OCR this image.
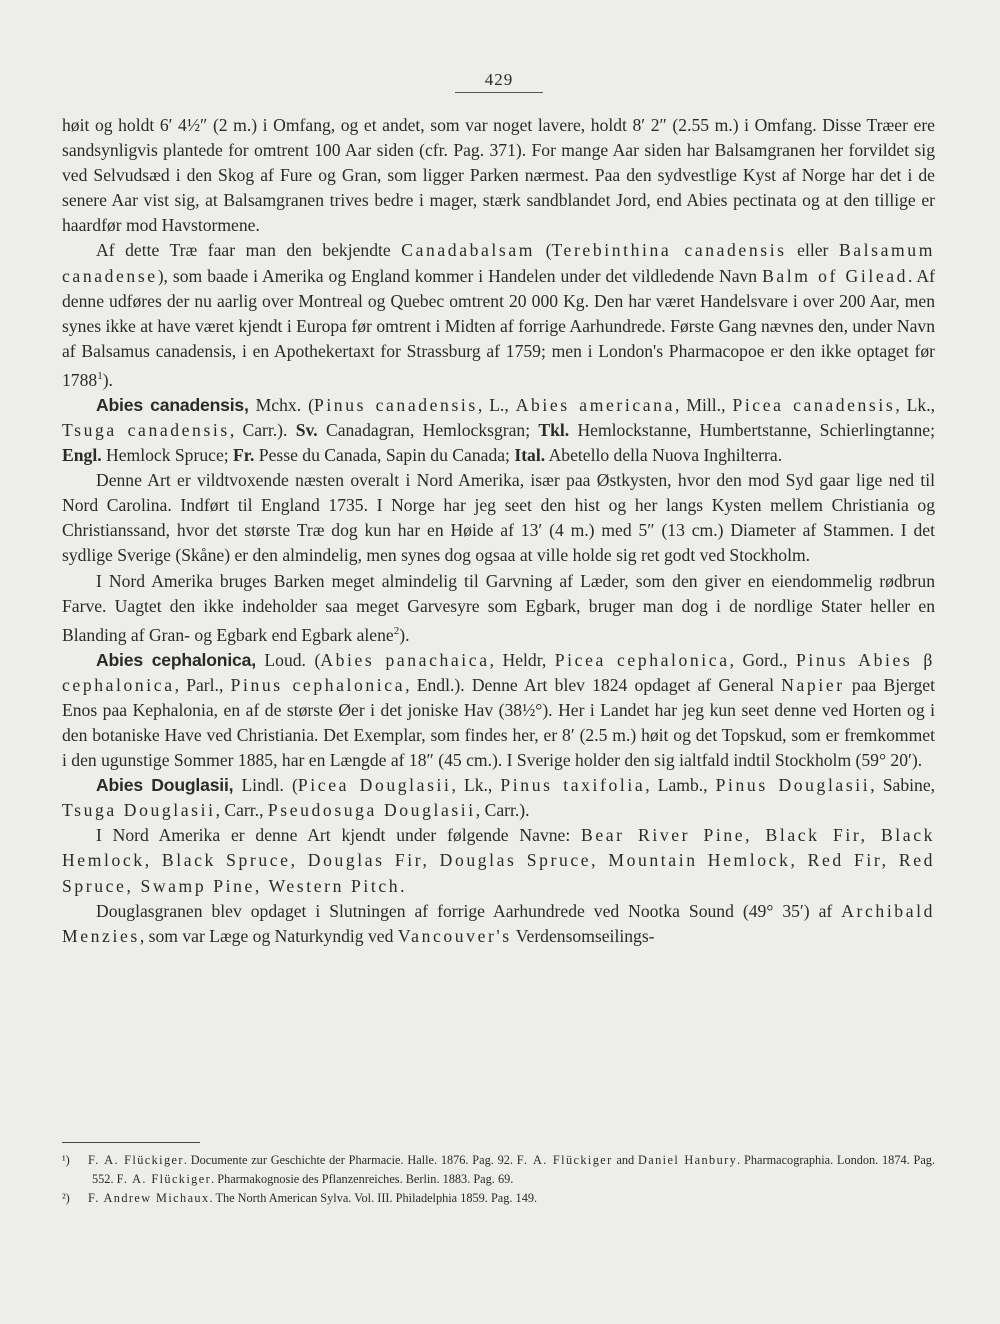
429

høit og holdt 6′ 4½″ (2 m.) i Omfang, og et andet, som var noget lavere, holdt 8′ 2″ (2.55 m.) i Omfang. Disse Træer ere sandsynligvis plantede for omtrent 100 Aar siden (cfr. Pag. 371). For mange Aar siden har Balsamgranen her forvildet sig ved Selvudsæd i den Skog af Fure og Gran, som ligger Parken nærmest. Paa den sydvestlige Kyst af Norge har det i de senere Aar vist sig, at Balsamgranen trives bedre i mager, stærk sandblandet Jord, end Abies pectinata og at den tillige er haardfør mod Havstormene.

Af dette Træ faar man den bekjendte Canadabalsam (Terebinthina canadensis eller Balsamum canadense), som baade i Amerika og England kommer i Handelen under det vildledende Navn Balm of Gilead. Af denne udføres der nu aarlig over Montreal og Quebec omtrent 20 000 Kg. Den har været Handelsvare i over 200 Aar, men synes ikke at have været kjendt i Europa før omtrent i Midten af forrige Aarhundrede. Første Gang nævnes den, under Navn af Balsamus canadensis, i en Apothekertaxt for Strassburg af 1759; men i London's Pharmacopoe er den ikke optaget før 1788$^1$).

Abies canadensis, Mchx. (Pinus canadensis, L., Abies americana, Mill., Picea canadensis, Lk., Tsuga canadensis, Carr.). Sv. Canadagran, Hemlocksgran; Tkl. Hemlockstanne, Humbertstanne, Schierlingtanne; Engl. Hemlock Spruce; Fr. Pesse du Canada, Sapin du Canada; Ital. Abetello della Nuova Inghilterra.

Denne Art er vildtvoxende næsten overalt i Nord Amerika, især paa Østkysten, hvor den mod Syd gaar lige ned til Nord Carolina. Indført til England 1735. I Norge har jeg seet den hist og her langs Kysten mellem Christiania og Christianssand, hvor det største Træ dog kun har en Høide af 13′ (4 m.) med 5″ (13 cm.) Diameter af Stammen. I det sydlige Sverige (Skåne) er den almindelig, men synes dog ogsaa at ville holde sig ret godt ved Stockholm.

I Nord Amerika bruges Barken meget almindelig til Garvning af Læder, som den giver en eiendommelig rødbrun Farve. Uagtet den ikke indeholder saa meget Garvesyre som Egbark, bruger man dog i de nordlige Stater heller en Blanding af Gran- og Egbark end Egbark alene$^2$).

Abies cephalonica, Loud. (Abies panachaica, Heldr, Picea cephalonica, Gord., Pinus Abies β cephalonica, Parl., Pinus cephalonica, Endl.). Denne Art blev 1824 opdaget af General Napier paa Bjerget Enos paa Kephalonia, en af de største Øer i det joniske Hav (38½°). Her i Landet har jeg kun seet denne ved Horten og i den botaniske Have ved Christiania. Det Exemplar, som findes her, er 8′ (2.5 m.) høit og det Topskud, som er fremkommet i den ugunstige Sommer 1885, har en Længde af 18″ (45 cm.). I Sverige holder den sig ialtfald indtil Stockholm (59° 20′).

Abies Douglasii, Lindl. (Picea Douglasii, Lk., Pinus taxifolia, Lamb., Pinus Douglasii, Sabine, Tsuga Douglasii, Carr., Pseudosuga Douglasii, Carr.).

I Nord Amerika er denne Art kjendt under følgende Navne: Bear River Pine, Black Fir, Black Hemlock, Black Spruce, Douglas Fir, Douglas Spruce, Mountain Hemlock, Red Fir, Red Spruce, Swamp Pine, Western Pitch.

Douglasgranen blev opdaget i Slutningen af forrige Aarhundrede ved Nootka Sound (49° 35′) af Archibald Menzies, som var Læge og Naturkyndig ved Vancouver's Verdensomseilings-

¹) F. A. Flückiger. Documente zur Geschichte der Pharmacie. Halle. 1876. Pag. 92. F. A. Flückiger and Daniel Hanbury. Pharmacographia. London. 1874. Pag. 552. F. A. Flückiger. Pharmakognosie des Pflanzenreiches. Berlin. 1883. Pag. 69.

²) F. Andrew Michaux. The North American Sylva. Vol. III. Philadelphia 1859. Pag. 149.
